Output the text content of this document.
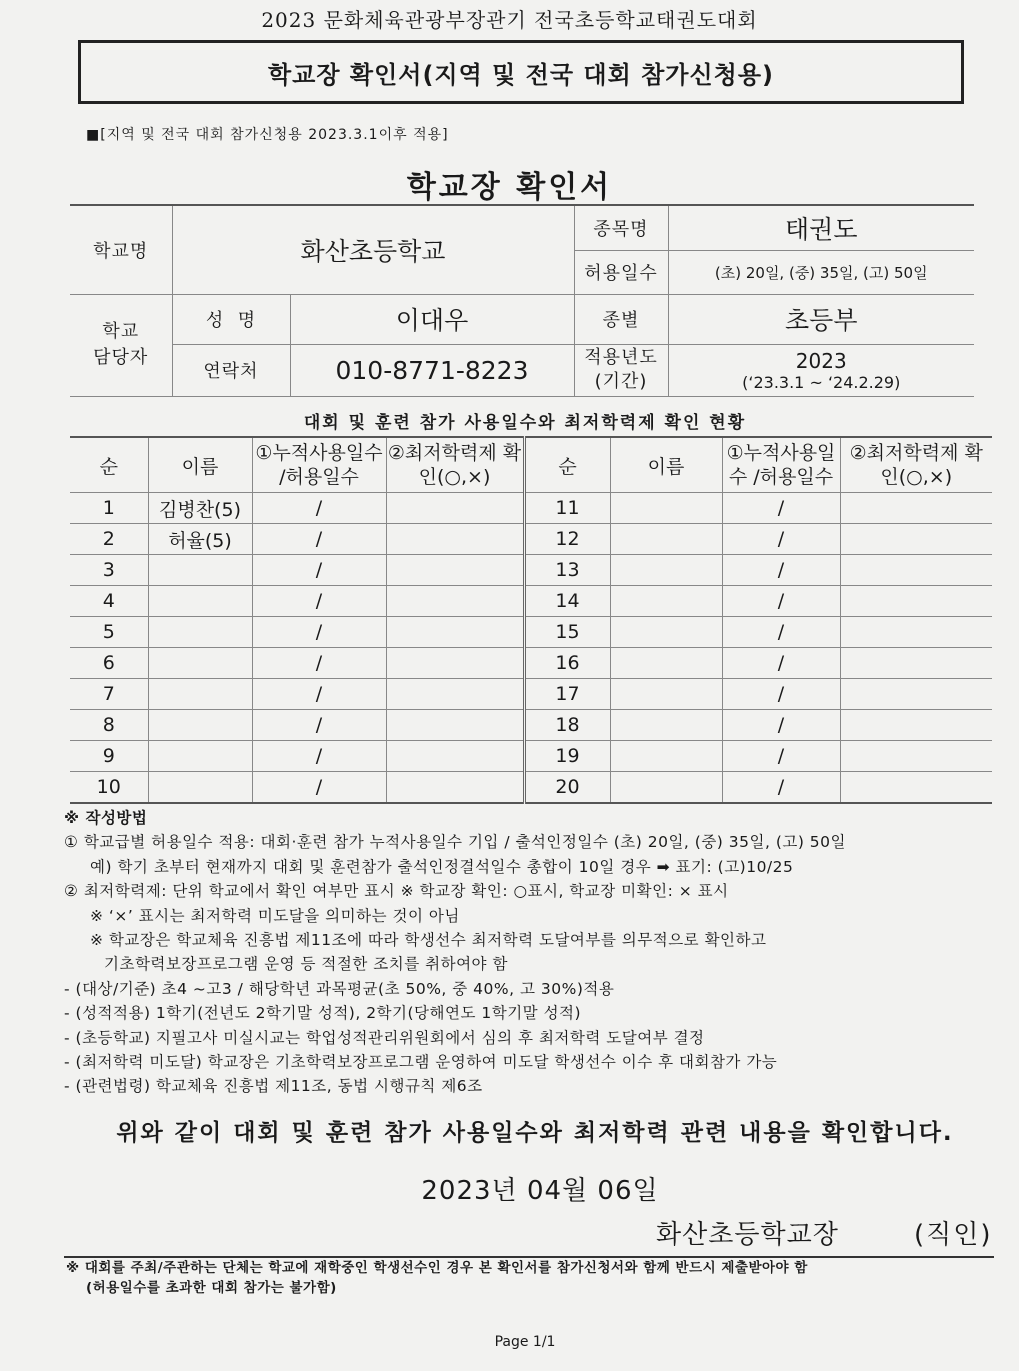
2023 문화체육관광부장관기 전국초등학교태권도대회
학교장 확인서(지역 및 전국 대회 참가신청용)
■[지역 및 전국 대회 참가신청용 2023.3.1이후 적용]
학교장 확인서
학교명	화산초등학교		종목명	태권도
			허용일수	(초) 20일, (중) 35일, (고) 50일
학교 담당자	성  명	이대우	종별	초등부
	연락처	010-8771-8223	적용년도 (기간)	2023
(‘23.3.1 ~ ‘24.2.29)
대회 및 훈련 참가 사용일수와 최저학력제 확인 현황
순	이름	①누적사용일수 /허용일수	②최저학력제 확인(○,×)	순	이름	①누적사용일수 /허용일수	②최저학력제 확인(○,×)
1	김병찬(5)	/		11		/	
2	허율(5)	/		12		/	
3		/		13		/	
4		/		14		/	
5		/		15		/	
6		/		16		/	
7		/		17		/	
8		/		18		/	
9		/		19		/	
10		/		20		/	
※ 작성방법
① 학교급별 허용일수 적용: 대회·훈련 참가 누적사용일수 기입 / 출석인정일수 (초) 20일, (중) 35일, (고) 50일
예) 학기 초부터 현재까지 대회 및 훈련참가 출석인정결석일수 총합이 10일 경우 ➡ 표기: (고)10/25
② 최저학력제: 단위 학교에서 확인 여부만 표시 ※ 학교장 확인: ○표시, 학교장 미확인: × 표시
※ ‘×’ 표시는 최저학력 미도달을 의미하는 것이 아님
※ 학교장은 학교체육 진흥법 제11조에 따라 학생선수 최저학력 도달여부를 의무적으로 확인하고
기초학력보장프로그램 운영 등 적절한 조치를 취하여야 함
- (대상/기준) 초4 ~고3 / 해당학년 과목평균(초 50%, 중 40%, 고 30%)적용
- (성적적용) 1학기(전년도 2학기말 성적), 2학기(당해연도 1학기말 성적)
- (초등학교) 지필고사 미실시교는 학업성적관리위원회에서 심의 후 최저학력 도달여부 결정
- (최저학력 미도달) 학교장은 기초학력보장프로그램 운영하여 미도달 학생선수 이수 후 대회참가 가능
- (관련법령) 학교체육 진흥법 제11조, 동법 시행규칙 제6조
위와 같이 대회 및 훈련 참가 사용일수와 최저학력 관련 내용을 확인합니다.
2023년 04월 06일
화산초등학교장	(직인)
※ 대회를 주최/주관하는 단체는 학교에 재학중인 학생선수인 경우 본 확인서를 참가신청서와 함께 반드시 제출받아야 함
(허용일수를 초과한 대회 참가는 불가함)
Page 1/1
